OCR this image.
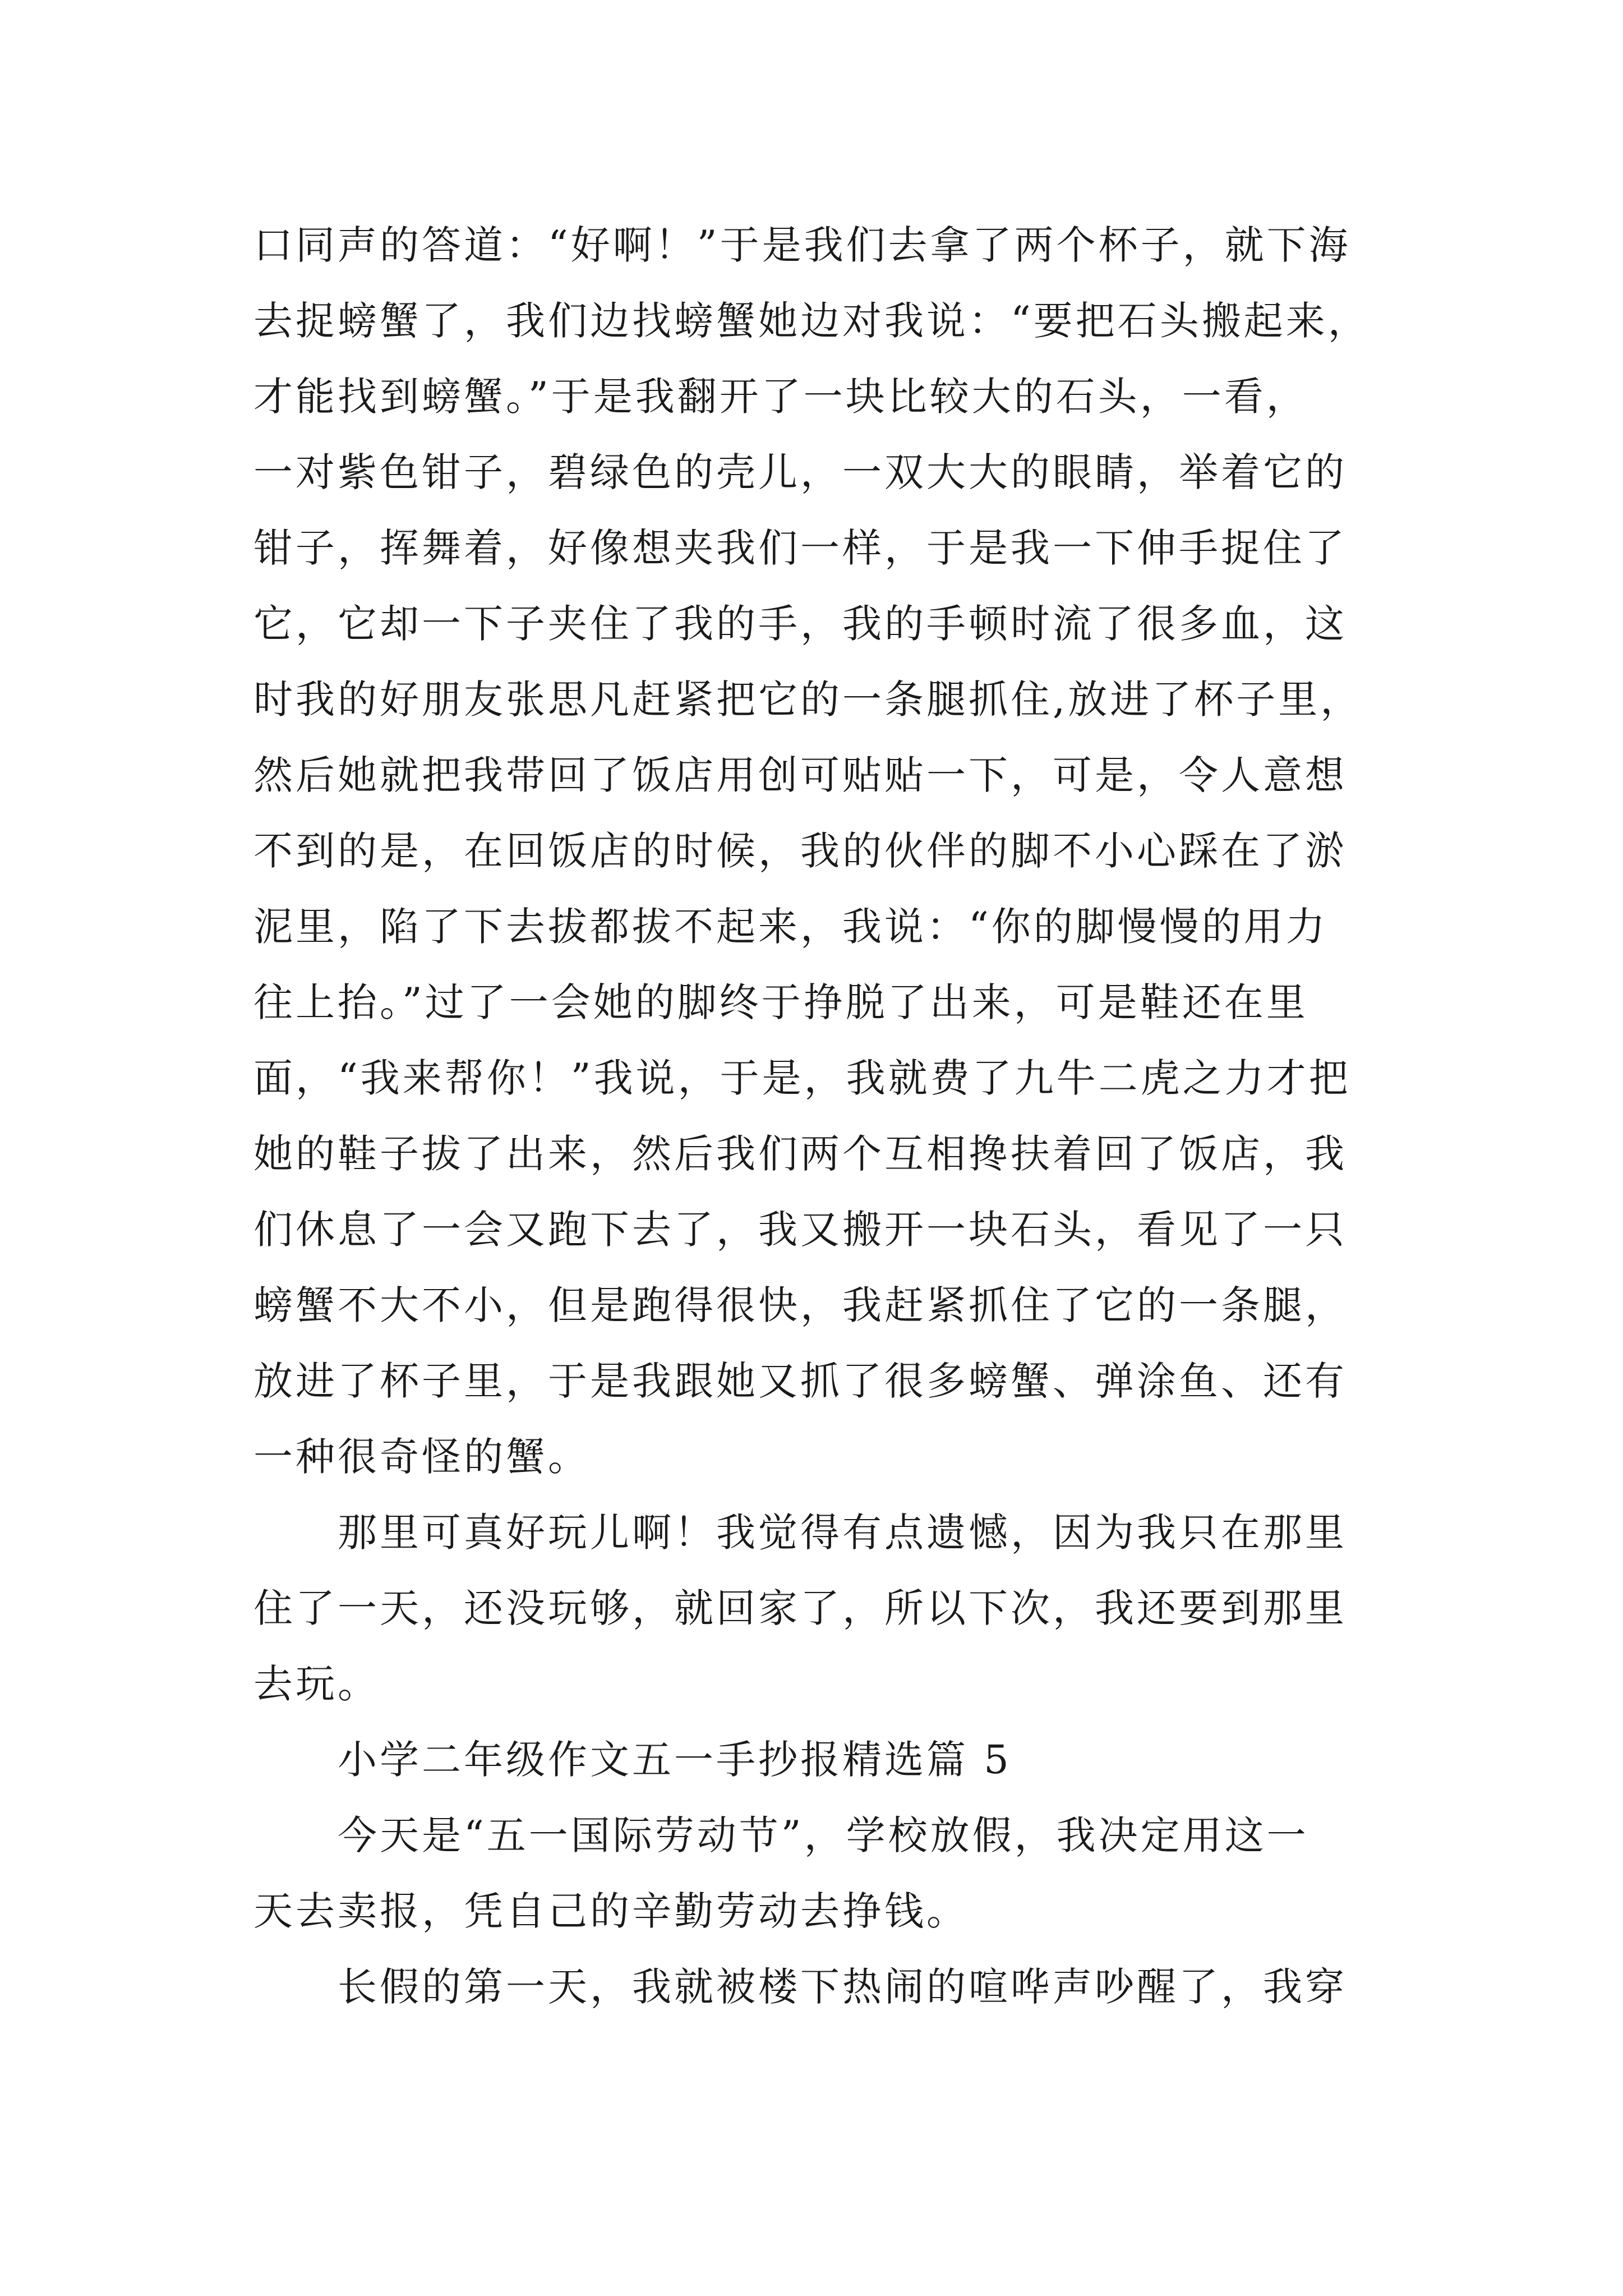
口同声的答道：“好啊！”于是我们去拿了两个杯子，就下海
去捉螃蟹了，我们边找螃蟹她边对我说：“要把石头搬起来，
才能找到螃蟹。”于是我翻开了一块比较大的石头，一看，
一对紫色钳子，碧绿色的壳儿，一双大大的眼睛，举着它的
钳子，挥舞着，好像想夹我们一样，于是我一下伸手捉住了
它，它却一下子夹住了我的手，我的手顿时流了很多血，这
时我的好朋友张思凡赶紧把它的一条腿抓住,放进了杯子里，
然后她就把我带回了饭店用创可贴贴一下，可是，令人意想
不到的是，在回饭店的时候，我的伙伴的脚不小心踩在了淤
泥里，陷了下去拔都拔不起来，我说：“你的脚慢慢的用力
往上抬。”过了一会她的脚终于挣脱了出来，可是鞋还在里
面，“我来帮你！”我说，于是，我就费了九牛二虎之力才把
她的鞋子拔了出来，然后我们两个互相搀扶着回了饭店，我
们休息了一会又跑下去了，我又搬开一块石头，看见了一只
螃蟹不大不小，但是跑得很快，我赶紧抓住了它的一条腿，
放进了杯子里，于是我跟她又抓了很多螃蟹、弹涂鱼、还有
一种很奇怪的蟹。
　　那里可真好玩儿啊！我觉得有点遗憾，因为我只在那里
住了一天，还没玩够，就回家了，所以下次，我还要到那里
去玩。
　　小学二年级作文五一手抄报精选篇 5
　　今天是“五一国际劳动节”，学校放假，我决定用这一
天去卖报，凭自己的辛勤劳动去挣钱。
　　长假的第一天，我就被楼下热闹的喧哗声吵醒了，我穿
